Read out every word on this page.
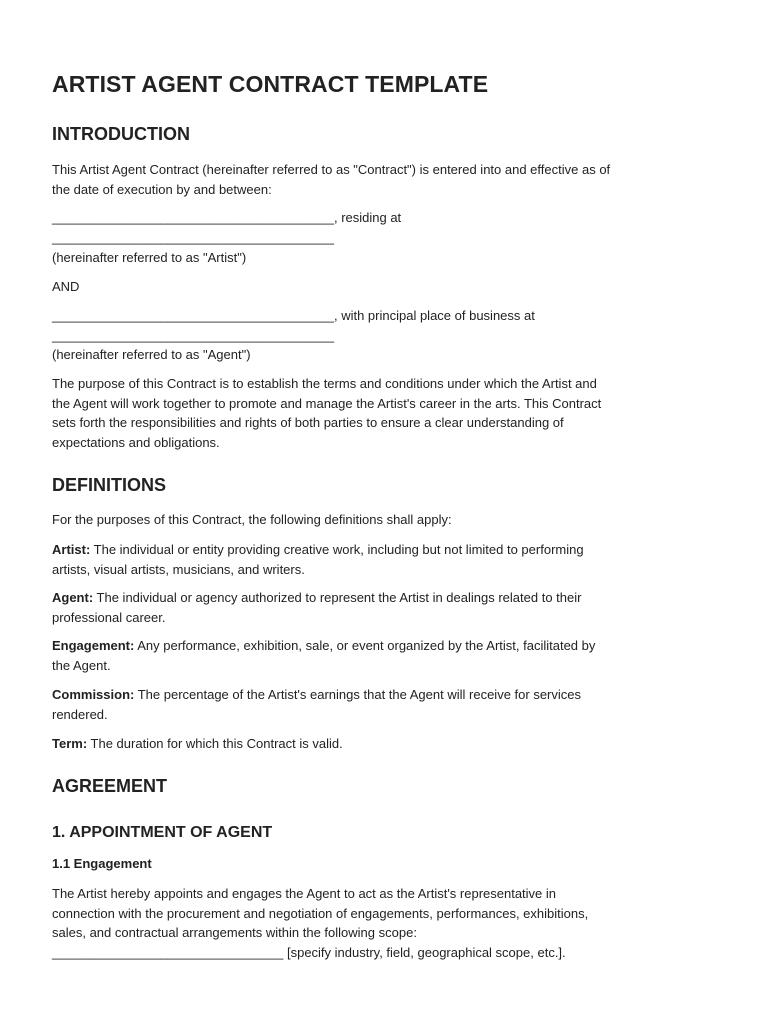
ARTIST AGENT CONTRACT TEMPLATE
INTRODUCTION

This Artist Agent Contract (hereinafter referred to as "Contract") is entered into and effective as of
the date of execution by and between:

_______________________________________, residing at

_______________________________________

(hereinafter referred to as "Artist")

AND

_______________________________________, with principal place of business at

_______________________________________

(hereinafter referred to as "Agent")

The purpose of this Contract is to establish the terms and conditions under which the Artist and
the Agent will work together to promote and manage the Artist's career in the arts. This Contract
sets forth the responsibilities and rights of both parties to ensure a clear understanding of
expectations and obligations.

DEFINITIONS

For the purposes of this Contract, the following definitions shall apply:

Artist: The individual or entity providing creative work, including but not limited to performing
artists, visual artists, musicians, and writers.

Agent: The individual or agency authorized to represent the Artist in dealings related to their
professional career.

Engagement: Any performance, exhibition, sale, or event organized by the Artist, facilitated by
the Agent.

Commission: The percentage of the Artist's earnings that the Agent will receive for services
rendered.

Term: The duration for which this Contract is valid.

AGREEMENT
1. APPOINTMENT OF AGENT
1.1 Engagement

The Artist hereby appoints and engages the Agent to act as the Artist's representative in
connection with the procurement and negotiation of engagements, performances, exhibitions,
sales, and contractual arrangements within the following scope:
________________________________ [specify industry, field, geographical scope, etc.].
